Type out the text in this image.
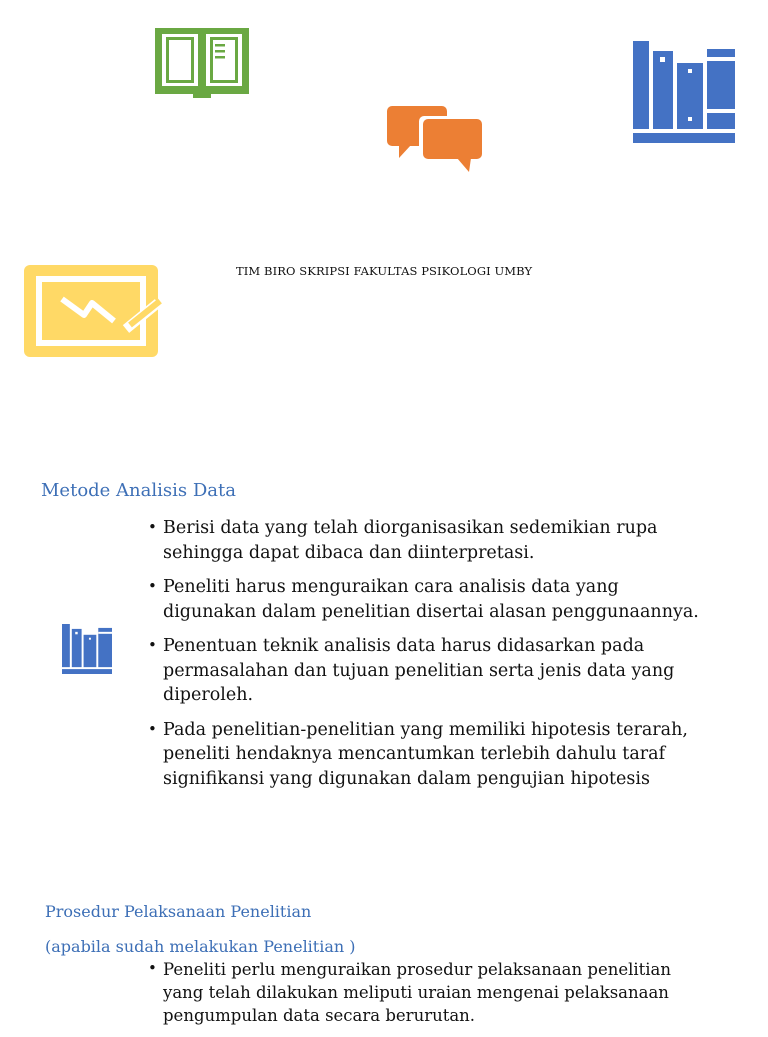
TIM BIRO SKRIPSI FAKULTAS PSIKOLOGI UMBY
Metode Analisis Data
• Berisi data yang telah diorganisasikan sedemikian rupa sehingga dapat dibaca dan diinterpretasi.
• Peneliti harus menguraikan cara analisis data yang digunakan dalam penelitian disertai alasan penggunaannya.
• Penentuan teknik analisis data harus didasarkan pada permasalahan dan tujuan penelitian serta jenis data yang diperoleh.
• Pada penelitian-penelitian yang memiliki hipotesis terarah, peneliti hendaknya mencantumkan terlebih dahulu taraf signifikansi yang digunakan dalam pengujian hipotesis
Prosedur Pelaksanaan Penelitian
(apabila sudah melakukan Penelitian )
• Peneliti perlu menguraikan prosedur pelaksanaan penelitian yang telah dilakukan meliputi uraian mengenai pelaksanaan pengumpulan data secara berurutan.
